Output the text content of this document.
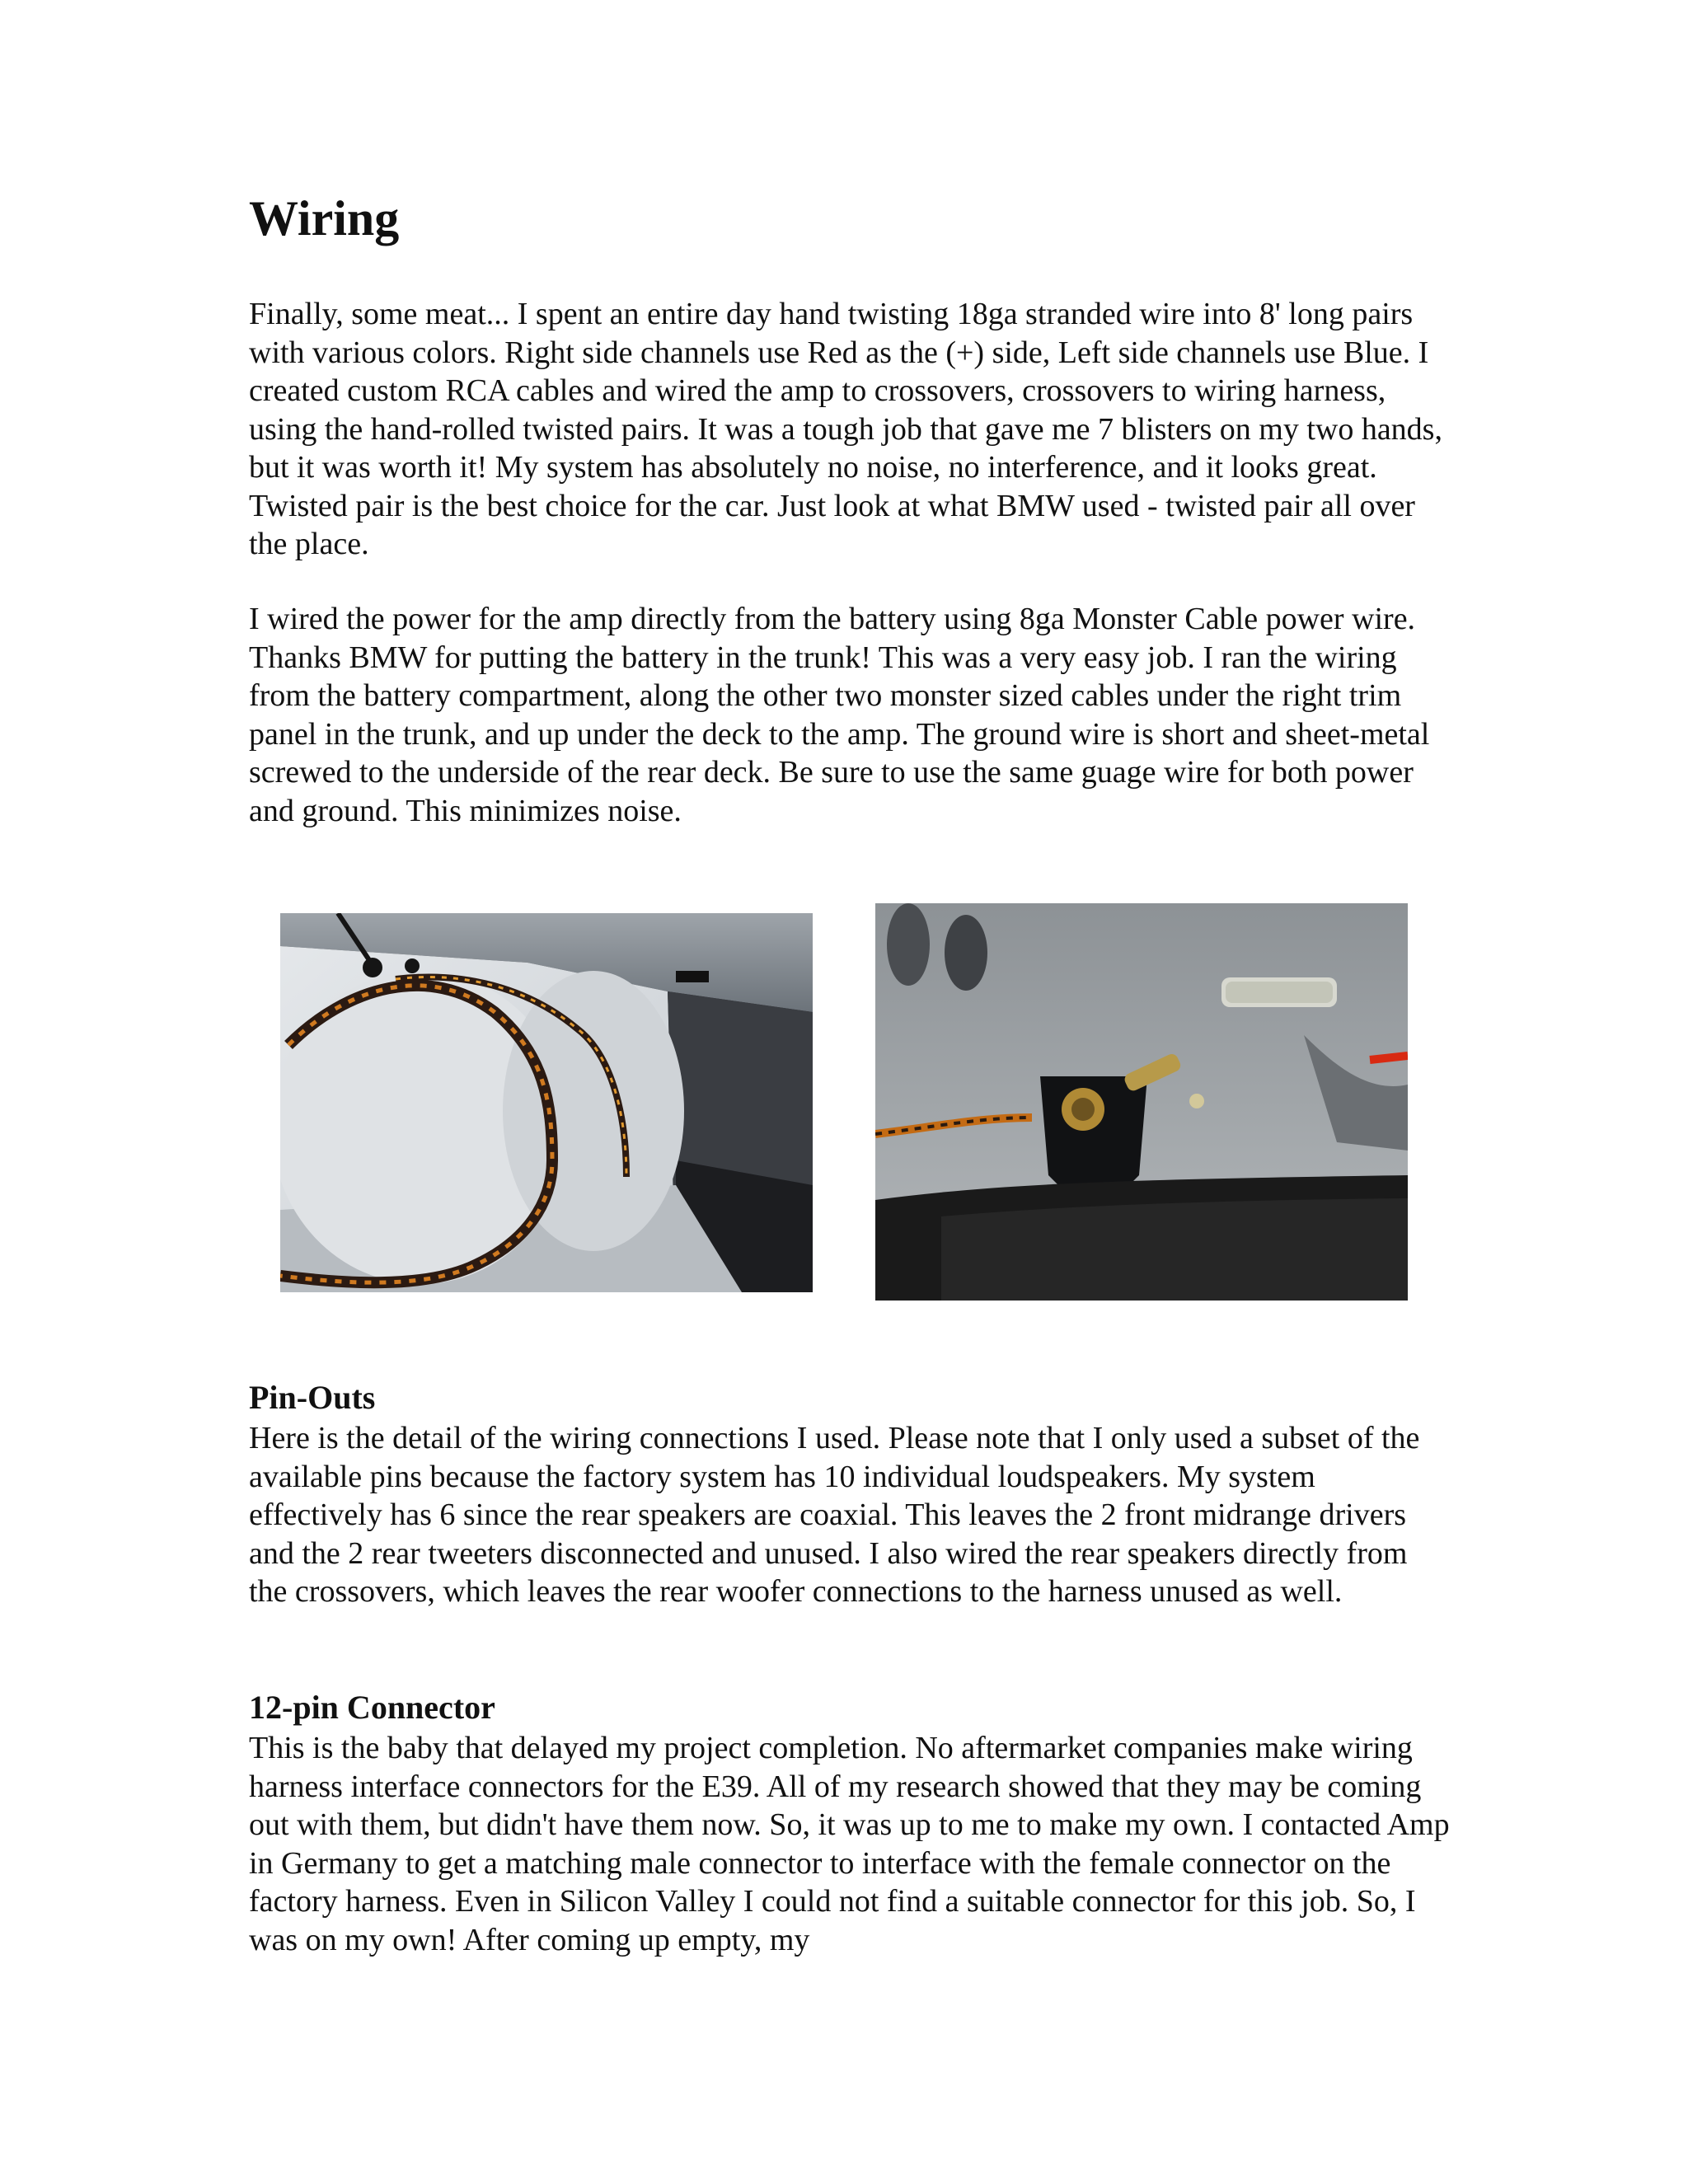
Wiring

Finally, some meat... I spent an entire day hand twisting 18ga stranded wire into 8' long pairs with various colors. Right side channels use Red as the (+) side, Left side channels use Blue. I created custom RCA cables and wired the amp to crossovers, crossovers to wiring harness, using the hand-rolled twisted pairs. It was a tough job that gave me 7 blisters on my two hands, but it was worth it! My system has absolutely no noise, no interference, and it looks great. Twisted pair is the best choice for the car. Just look at what BMW used - twisted pair all over the place.

I wired the power for the amp directly from the battery using 8ga Monster Cable power wire. Thanks BMW for putting the battery in the trunk! This was a very easy job. I ran the wiring from the battery compartment, along the other two monster sized cables under the right trim panel in the trunk, and up under the deck to the amp. The ground wire is short and sheet-metal screwed to the underside of the rear deck. Be sure to use the same guage wire for both power and ground. This minimizes noise.

Pin-Outs

Here is the detail of the wiring connections I used. Please note that I only used a subset of the available pins because the factory system has 10 individual loudspeakers. My system effectively has 6 since the rear speakers are coaxial. This leaves the 2 front midrange drivers and the 2 rear tweeters disconnected and unused. I also wired the rear speakers directly from the crossovers, which leaves the rear woofer connections to the harness unused as well.

12-pin Connector

This is the baby that delayed my project completion. No aftermarket companies make wiring harness interface connectors for the E39. All of my research showed that they may be coming out with them, but didn't have them now. So, it was up to me to make my own. I contacted Amp in Germany to get a matching male connector to interface with the female connector on the factory harness. Even in Silicon Valley I could not find a suitable connector for this job. So, I was on my own! After coming up empty, my
